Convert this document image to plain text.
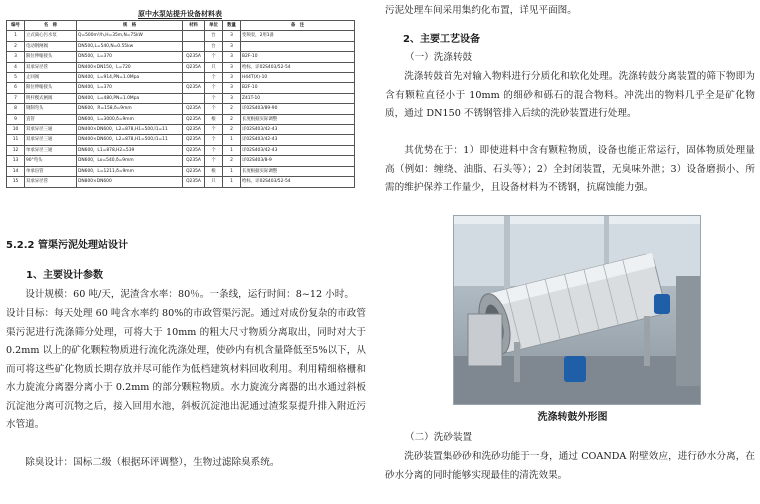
原中水泵站提升设备材料表
编号	名　称	规　格	材料	单位	数量	备　注
1	立式离心污水泵	Q=500m³/h,H=35m,N=75kW		台	3	变频泵，2用1备
2	电动钢闸阀	DN500,L=540,N=0.55kw		台	3	
3	限位伸缩接头	DN500，L=370	Q235A	个	3	B2F-10
4	双承异径管	DN400×DN150，L=720	Q235A	只	3	给标，详02S403/52-54
5	止回阀	DN400，L=914,PN=1.0Mpa		个	3	H44T(X)-10
6	限位伸缩接头	DN400，L=370	Q235A	个	3	B2F-10
7	明杆楔式闸阀	DN400，L=480,PN=1.0Mpa		个	3	Z41T-10
8	钢制弯头	DN600，R=158,δ=9mm	Q235A	个	2	详02S403/89-90
9	直管	DN600，L=3000,δ=9mm	Q235A	根	2	长度根据实际调整
10	双承异径三通	DN400×DN600，L2=878,H1=500,I1=11	Q235A	个	2	详02S403/42-43
11	双承异径三通	DN400×DN600，L2=878,H1=500,I1=11	Q235A	个	1	详02S403/42-43
12	单承异径三通	DN600，L1=878,H2=539	Q235A	个	1	详02S403/42-43
13	90°弯头	DN600，Lo=540,δ=9mm	Q235A	个	2	详02S403/8-9
14	单承盲管	DN600，L=1211,δ=9mm	Q235A	根	1	长度根据实际调整
15	双承异径管	DN800×DN600	Q235A	只	1	给标，详02S403/52-54
5.2.2 管渠污泥处理站设计
1、主要设计参数

设计规模：60 吨/天，泥渣含水率：80％。一条线，运行时间：8~12 小时。

设计目标：每天处理 60 吨含水率约 80%的市政管渠污泥。通过对成份复杂的市政管渠污泥进行洗涤筛分处理，可将大于 10mm 的粗大尺寸物质分离取出，同时对大于 0.2mm 以上的矿化颗粒物质进行流化洗涤处理，使砂内有机含量降低至5%以下，从而可将这些矿化物质长期存放并尽可能作为低档建筑材料回收利用。利用精细格栅和水力旋流分离器分离小于 0.2mm 的部分颗粒物质。水力旋流分离器的出水通过斜板沉淀池分离可沉物之后，接入回用水池，斜板沉淀池出泥通过渣浆泵提升排入附近污水管道。

除臭设计：国标二级（根据环评调整），生物过滤除臭系统。

污泥处理车间采用集约化布置，详见平面图。

2、主要工艺设备
（一）洗涤转鼓

洗涤转鼓首先对输入物料进行分质化和软化处理。洗涤转鼓分离装置的筛下物即为含有颗粒直径小于 10mm 的细砂和砾石的混合物料。冲洗出的物料几乎全是矿化物质，通过 DN150 不锈钢管排入后续的洗砂装置进行处理。

其优势在于：1）即使进料中含有颗粒物质，设备也能正常运行，固体物质处理量高（例如：缠绕、油脂、石头等）；2）全封闭装置，无臭味外泄；3）设备磨损小、所需的维护保养工作量少，且设备材料为不锈钢，抗腐蚀能力强。

洗涤转鼓外形图
（二）洗砂装置

洗砂装置集砂砂和洗砂功能于一身，通过 COANDA 附壁效应，进行砂水分离，在砂水分离的同时能够实现最佳的清洗效果。
